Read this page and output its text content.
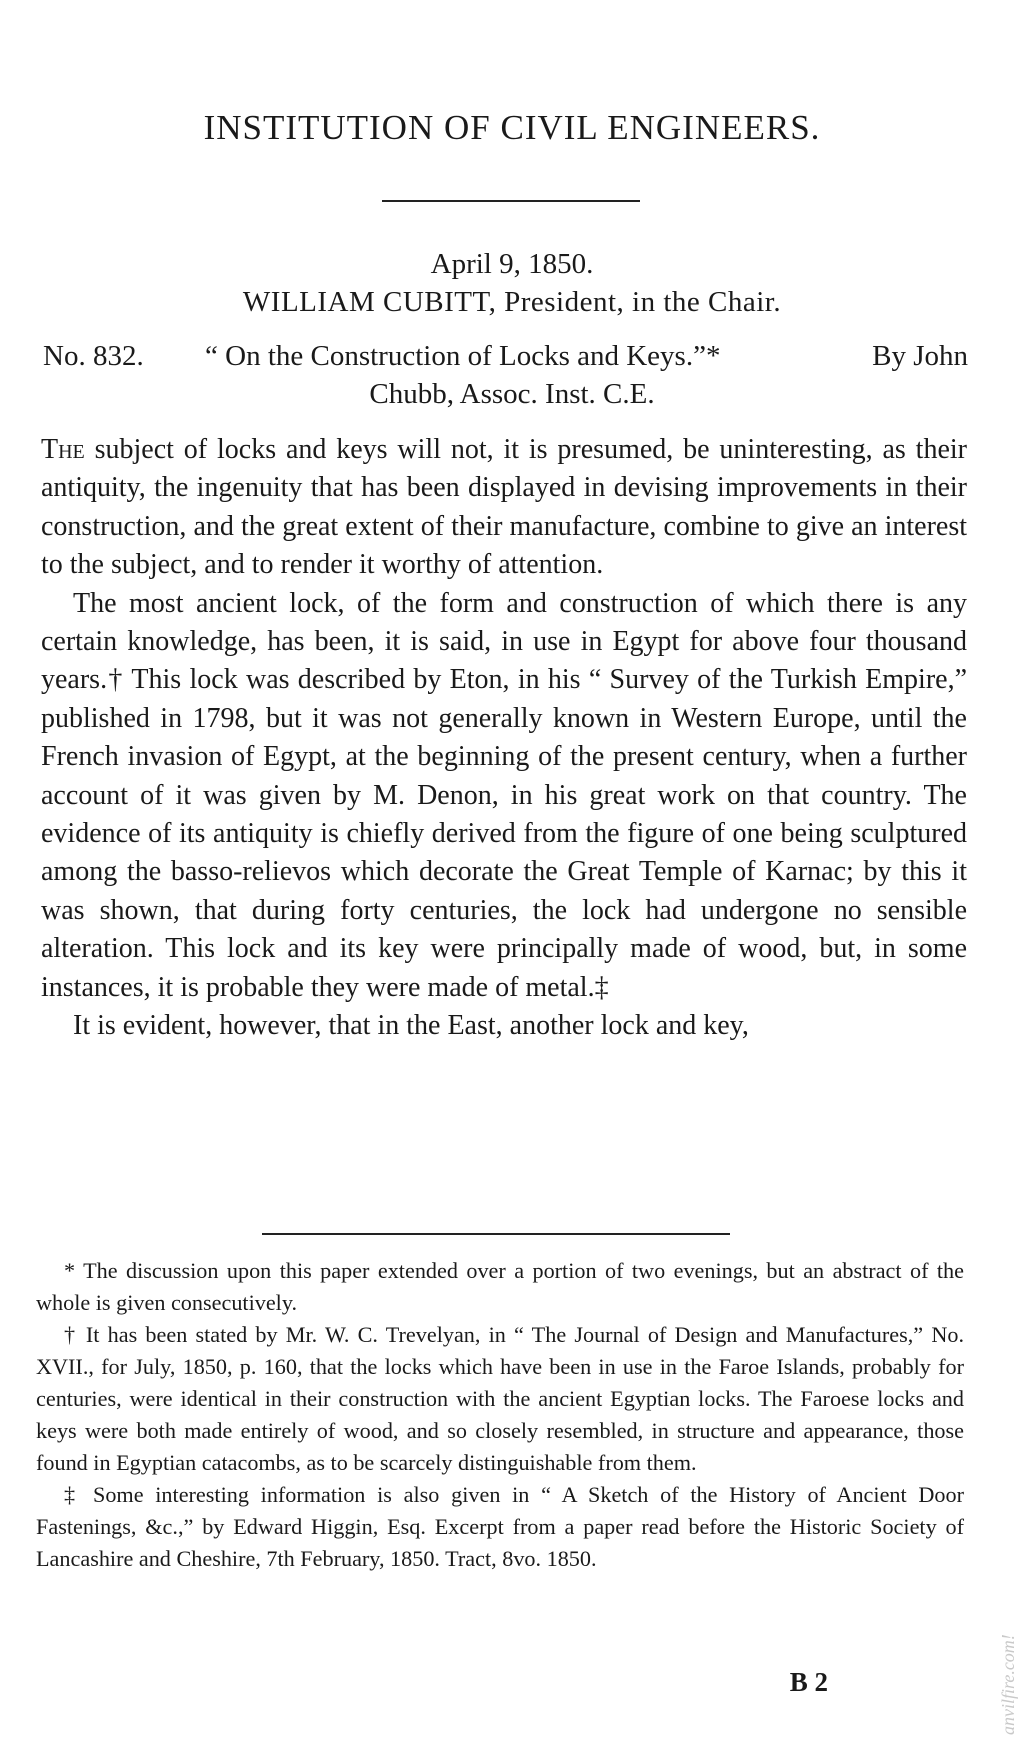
INSTITUTION OF CIVIL ENGINEERS.
April 9, 1850.
WILLIAM CUBITT, President, in the Chair.
No. 832. “ On the Construction of Locks and Keys.”*	By John
Chubb, Assoc. Inst. C.E.

The subject of locks and keys will not, it is presumed, be uninteresting, as their antiquity, the ingenuity that has been displayed in devising improvements in their construction, and the great extent of their manufacture, combine to give an interest to the subject, and to render it worthy of attention.

The most ancient lock, of the form and construction of which there is any certain knowledge, has been, it is said, in use in Egypt for above four thousand years.† This lock was described by Eton, in his “ Survey of the Turkish Empire,” published in 1798, but it was not generally known in Western Europe, until the French invasion of Egypt, at the beginning of the present century, when a further account of it was given by M. Denon, in his great work on that country. The evidence of its antiquity is chiefly derived from the figure of one being sculptured among the basso-relievos which decorate the Great Temple of Karnac; by this it was shown, that during forty centuries, the lock had undergone no sensible alteration. This lock and its key were principally made of wood, but, in some instances, it is probable they were made of metal.‡

It is evident, however, that in the East, another lock and key,

* The discussion upon this paper extended over a portion of two evenings, but an abstract of the whole is given consecutively.

† It has been stated by Mr. W. C. Trevelyan, in “ The Journal of Design and Manufactures,” No. XVII., for July, 1850, p. 160, that the locks which have been in use in the Faroe Islands, probably for centuries, were identical in their construction with the ancient Egyptian locks. The Faroese locks and keys were both made entirely of wood, and so closely resembled, in structure and appearance, those found in Egyptian catacombs, as to be scarcely distinguishable from them.

‡ Some interesting information is also given in “ A Sketch of the History of Ancient Door Fastenings, &c.,” by Edward Higgin, Esq. Excerpt from a paper read before the Historic Society of Lancashire and Cheshire, 7th February, 1850. Tract, 8vo. 1850.

B 2	anvilfire.com!
